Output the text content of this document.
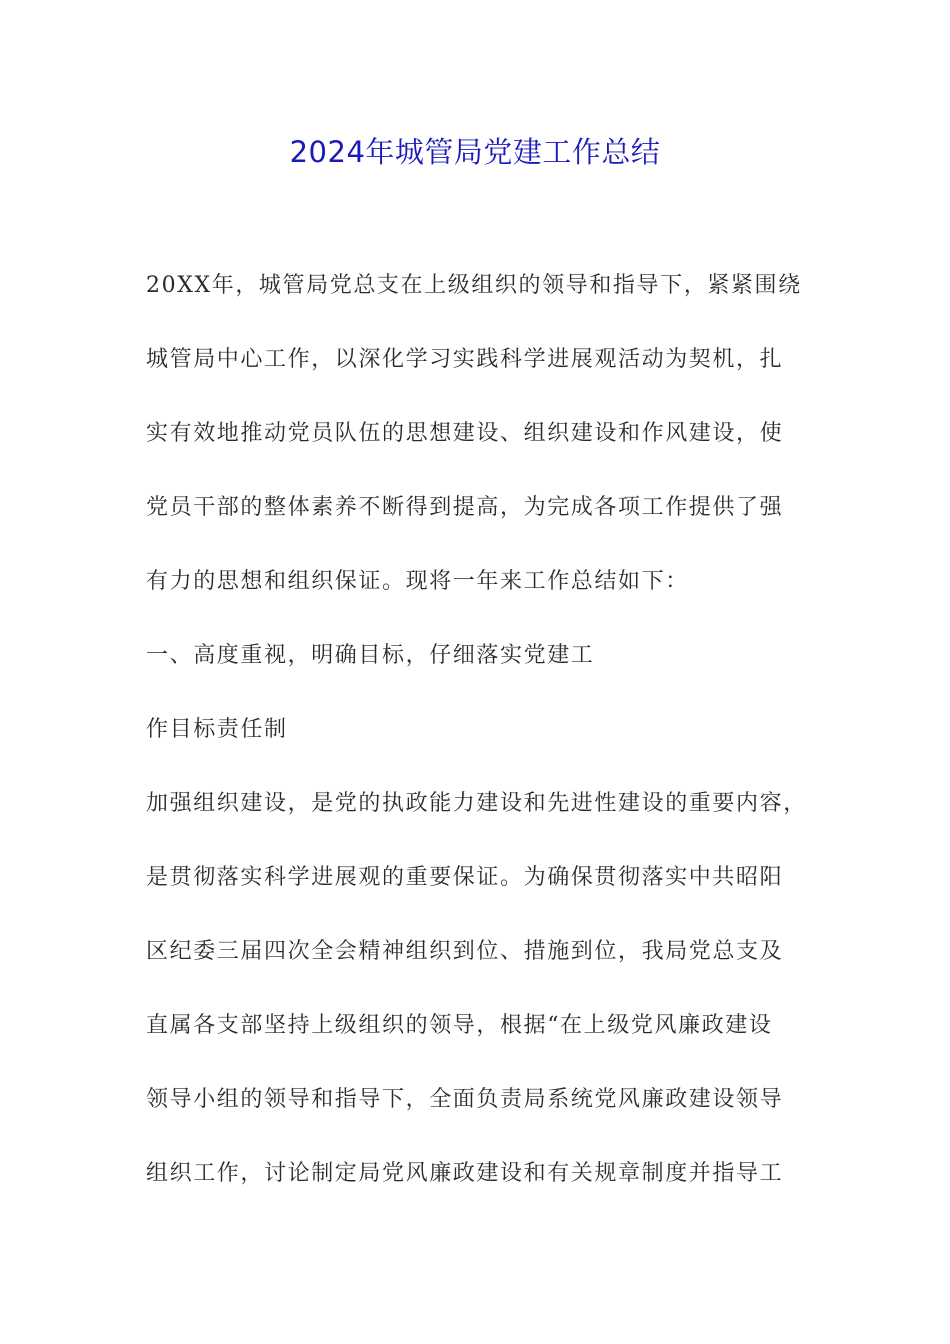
2024年城管局党建工作总结
20XX年，城管局党总支在上级组织的领导和指导下，紧紧围绕
城管局中心工作，以深化学习实践科学进展观活动为契机，扎
实有效地推动党员队伍的思想建设、组织建设和作风建设，使
党员干部的整体素养不断得到提高，为完成各项工作提供了强
有力的思想和组织保证。现将一年来工作总结如下：
一、高度重视，明确目标，仔细落实党建工
作目标责任制
加强组织建设，是党的执政能力建设和先进性建设的重要内容，
是贯彻落实科学进展观的重要保证。为确保贯彻落实中共昭阳
区纪委三届四次全会精神组织到位、措施到位，我局党总支及
直属各支部坚持上级组织的领导，根据“在上级党风廉政建设
领导小组的领导和指导下，全面负责局系统党风廉政建设领导
组织工作，讨论制定局党风廉政建设和有关规章制度并指导工
